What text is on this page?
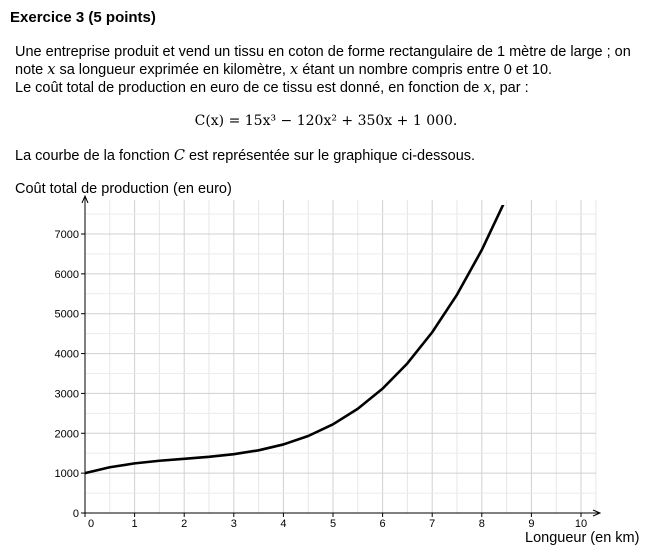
Exercice 3 (5 points)
Une entreprise produit et vend un tissu en coton de forme rectangulaire de 1 mètre de large ; on
note x sa longueur exprimée en kilomètre, x étant un nombre compris entre 0 et 10.
Le coût total de production en euro de ce tissu est donné, en fonction de x, par :
C(x) = 15x³ − 120x² + 350x + 1 000.
La courbe de la fonction C est représentée sur le graphique ci-dessous.
Coût total de production (en euro)
Longueur (en km)
0
1000
2000
3000
4000
5000
6000
7000
0	1	2	3	4	5	6	7	8	9	10
